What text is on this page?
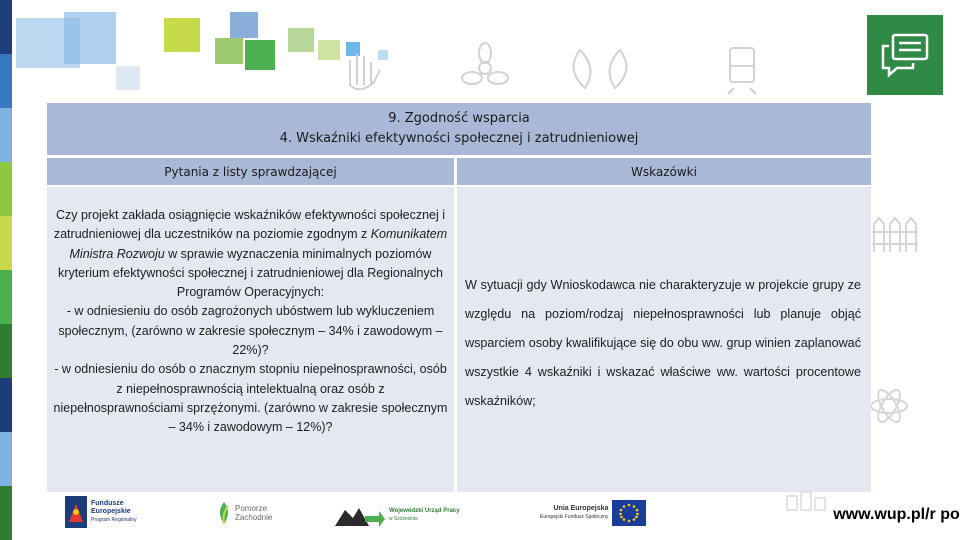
9. Zgodność wsparcia
4. Wskaźniki efektywności społecznej i zatrudnieniowej
Pytania z listy sprawdzającej	Wskazówki
Czy projekt zakłada osiągnięcie wskaźników efektywności społecznej i zatrudnieniowej dla uczestników na poziomie zgodnym z Komunikatem Ministra Rozwoju w sprawie wyznaczenia minimalnych poziomów kryterium efektywności społecznej i zatrudnieniowej dla Regionalnych Programów Operacyjnych:
- w odniesieniu do osób zagrożonych ubóstwem lub wykluczeniem społecznym, (zarówno w zakresie społecznym – 34% i zawodowym – 22%)?
- w odniesieniu do osób o znacznym stopniu niepełnosprawności, osób z niepełnosprawnością intelektualną oraz osób z niepełnosprawnościami sprzężonymi. (zarówno w zakresie społecznym – 34% i zawodowym – 12%)?
W sytuacji gdy Wnioskodawca nie charakteryzuje w projekcie grupy ze względu na poziom/rodzaj niepełnosprawności lub planuje objąć wsparciem osoby kwalifikujące się do obu ww. grup winien zaplanować wszystkie 4 wskaźniki i wskazać właściwe ww. wartości procentowe wskaźników;
Fundusze
Europejskie
Program Regionalny
Pomorze
Zachodnie
Wojewódzki Urząd Pracy
w Szczecinie
Unia Europejska
Europejski Fundusz Społeczny	www.wup.pl/r po
